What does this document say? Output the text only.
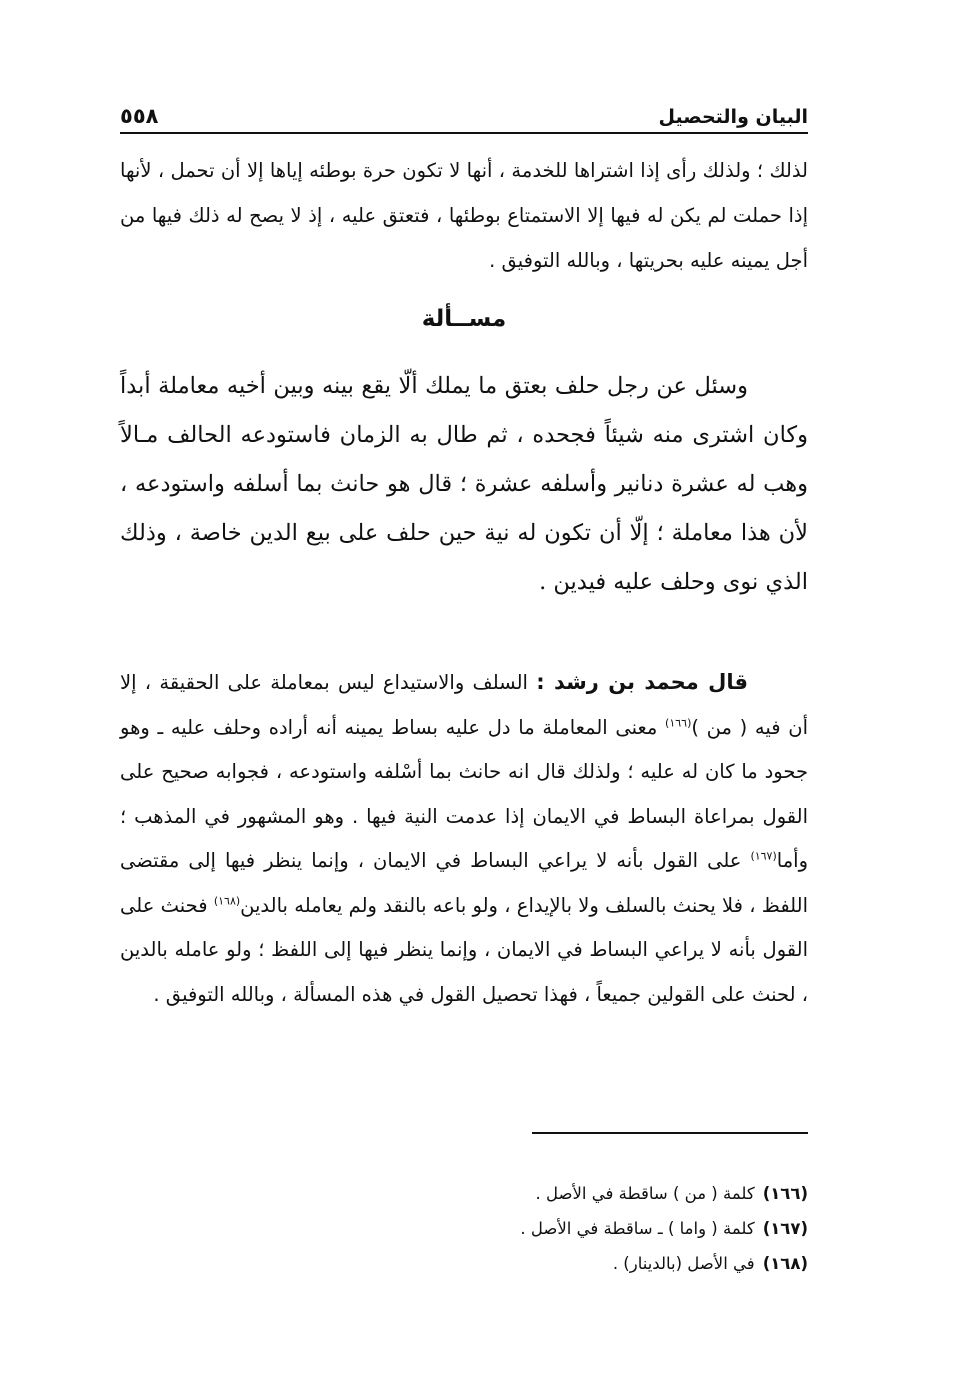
البيان والتحصيل
٥٥٨
لذلك ؛ ولذلك رأى إذا اشتراها للخدمة ، أنها لا تكون حرة بوطئه إياها إلا أن تحمل ، لأنها إذا حملت لم يكن له فيها إلا الاستمتاع بوطئها ، فتعتق عليه ، إذ لا يصح له ذلك فيها من أجل يمينه عليه بحريتها ، وبالله التوفيق .
مســألة
وسئل عن رجل حلف بعتق ما يملك ألّا يقع بينه وبين أخيه معاملة أبداً وكان اشترى منه شيئاً فجحده ، ثم طال به الزمان فاستودعه الحالف مـالاً وهب له عشرة دنانير وأسلفه عشرة ؛ قال هو حانث بما أسلفه واستودعه ، لأن هذا معاملة ؛ إلّا أن تكون له نية حين حلف على بيع الدين خاصة ، وذلك الذي نوى وحلف عليه فيدين .
قال محمد بن رشد : السلف والاستيداع ليس بمعاملة على الحقيقة ، إلا أن فيه ( من )$^{(١٦٦)}$ معنى المعاملة ما دل عليه بساط يمينه أنه أراده وحلف عليه ـ وهو جحود ما كان له عليه ؛ ولذلك قال انه حانث بما أسْلفه واستودعه ، فجوابه صحيح على القول بمراعاة البساط في الايمان إذا عدمت النية فيها . وهو المشهور في المذهب ؛ وأما$^{(١٦٧)}$ على القول بأنه لا يراعي البساط في الايمان ، وإنما ينظر فيها إلى مقتضى اللفظ ، فلا يحنث بالسلف ولا بالإيداع ، ولو باعه بالنقد ولم يعامله بالدين$^{(١٦٨)}$ فحنث على القول بأنه لا يراعي البساط في الايمان ، وإنما ينظر فيها إلى اللفظ ؛ ولو عامله بالدين ، لحنث على القولين جميعاً ، فهذا تحصيل القول في هذه المسألة ، وبالله التوفيق .
(١٦٦)كلمة ( من ) ساقطة في الأصل .
(١٦٧)كلمة ( واما ) ـ ساقطة في الأصل .
(١٦٨)في الأصل (بالدينار) .
